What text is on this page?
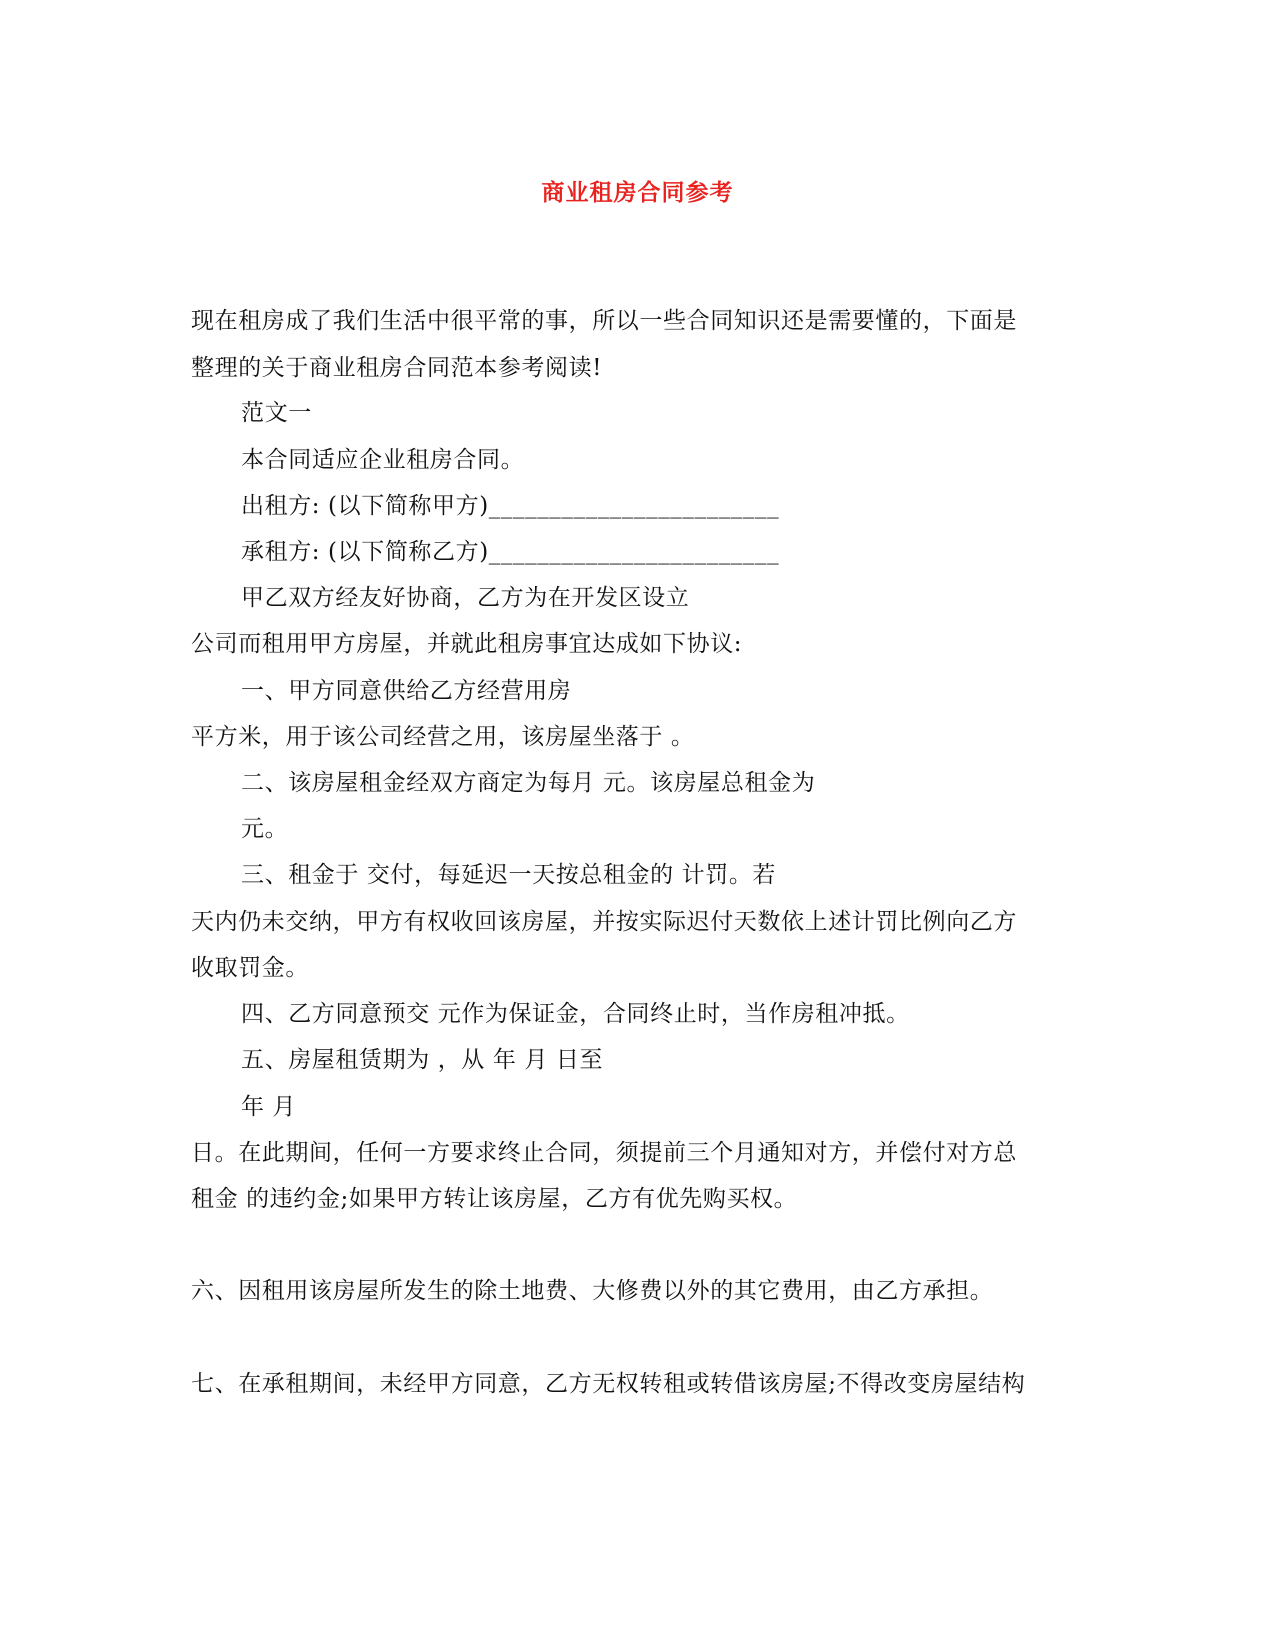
商业租房合同参考
现在租房成了我们生活中很平常的事，所以一些合同知识还是需要懂的，下面是
整理的关于商业租房合同范本参考阅读!
范文一
本合同适应企业租房合同。
出租方: (以下简称甲方)________________________
承租方: (以下简称乙方)________________________
甲乙双方经友好协商，乙方为在开发区设立
公司而租用甲方房屋，并就此租房事宜达成如下协议:
一、甲方同意供给乙方经营用房
平方米，用于该公司经营之用，该房屋坐落于 。
二、该房屋租金经双方商定为每月 元。该房屋总租金为
元。
三、租金于 交付，每延迟一天按总租金的 计罚。若
天内仍未交纳，甲方有权收回该房屋，并按实际迟付天数依上述计罚比例向乙方
收取罚金。
四、乙方同意预交 元作为保证金，合同终止时，当作房租冲抵。
五、房屋租赁期为 ，从 年 月 日至
年 月
日。在此期间，任何一方要求终止合同，须提前三个月通知对方，并偿付对方总
租金 的违约金;如果甲方转让该房屋，乙方有优先购买权。
六、因租用该房屋所发生的除土地费、大修费以外的其它费用，由乙方承担。
七、在承租期间，未经甲方同意，乙方无权转租或转借该房屋;不得改变房屋结构
